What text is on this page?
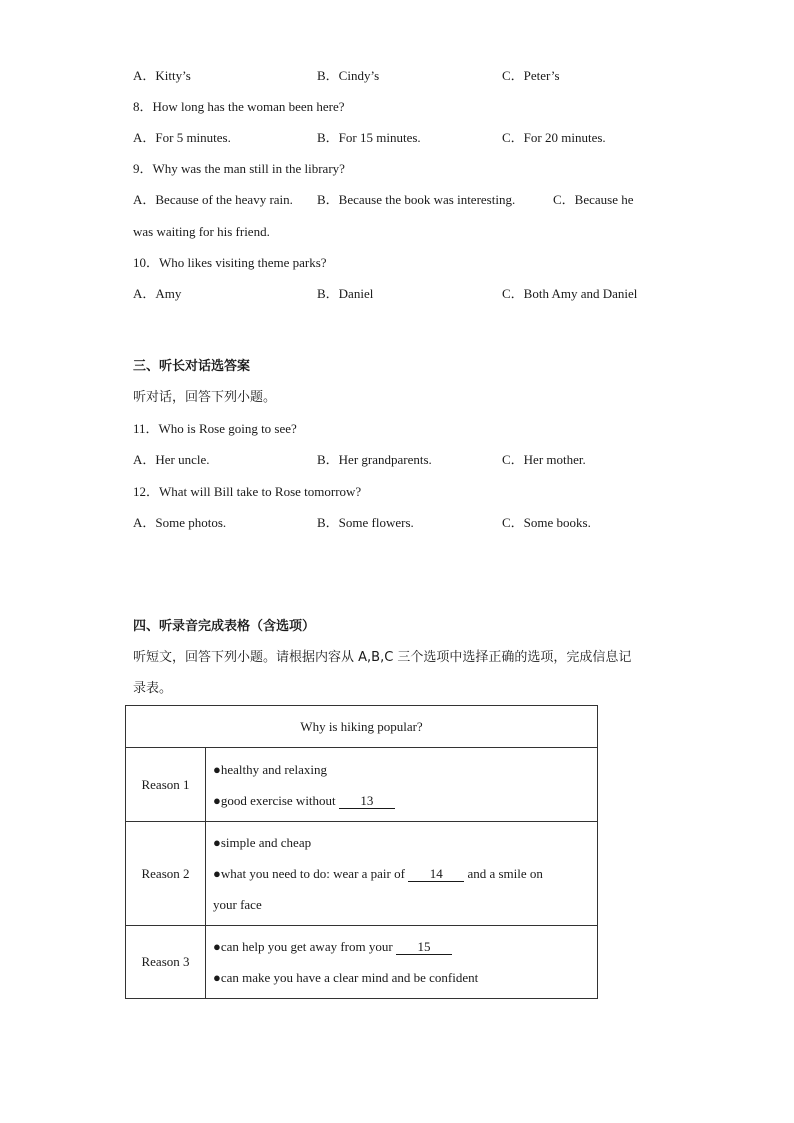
A．Kitty’s	B．Cindy’s	C．Peter’s
8．How long has the woman been here?
A．For 5 minutes.	B．For 15 minutes.	C．For 20 minutes.
9．Why was the man still in the library?
A．Because of the heavy rain. B．Because the book was interesting.	C．Because he
was waiting for his friend.
10．Who likes visiting theme parks?
A．Amy	B．Daniel	C．Both Amy and Daniel
三、听长对话选答案
听对话，回答下列小题。
11．Who is Rose going to see?
A．Her uncle.	B．Her grandparents.	C．Her mother.
12．What will Bill take to Rose tomorrow?
A．Some photos.	B．Some flowers.	C．Some books.
四、听录音完成表格（含选项）
听短文，回答下列小题。请根据内容从 A,B,C 三个选项中选择正确的选项，完成信息记
录表。
Why is hiking popular?	
Reason 1	●healthy and relaxing
●good exercise without 13

Reason 2	●simple and cheap
●what you need to do: wear a pair of 14 and a smile on
your face

Reason 3	●can help you get away from your 15
●can make you have a clear mind and be confident
